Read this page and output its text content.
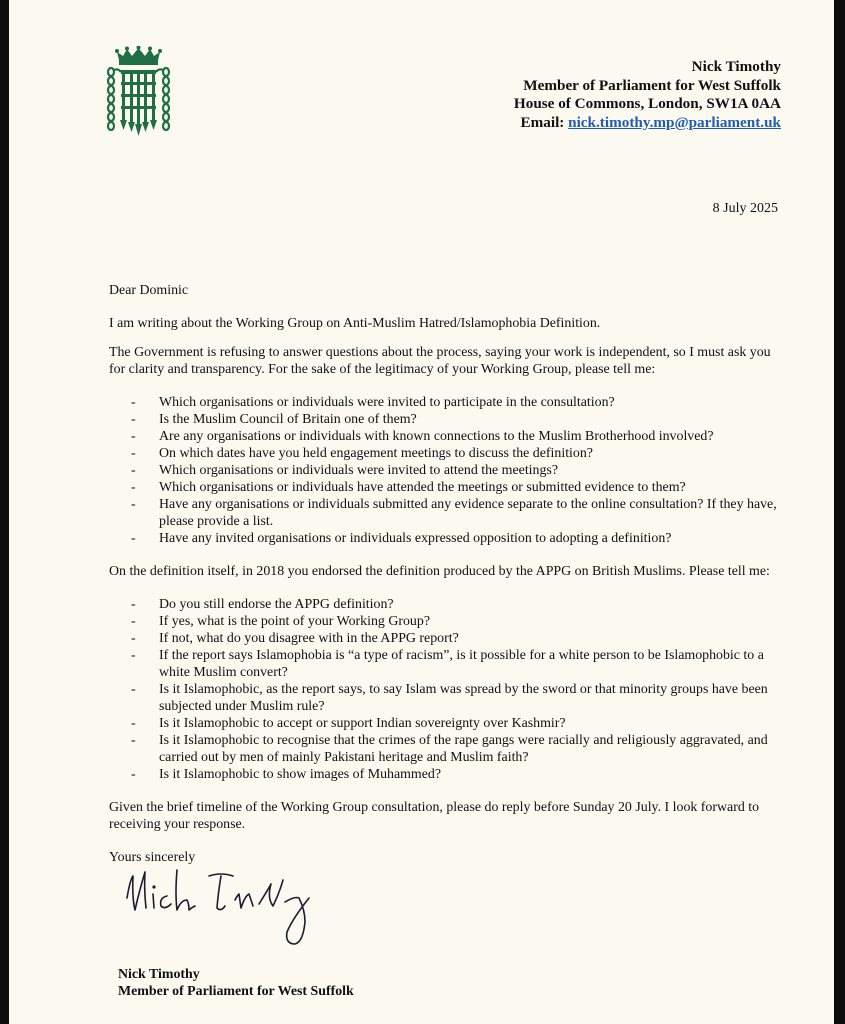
Nick Timothy
Member of Parliament for West Suffolk
House of Commons, London, SW1A 0AA
Email: nick.timothy.mp@parliament.uk
8 July 2025

Dear Dominic

I am writing about the Working Group on Anti-Muslim Hatred/Islamophobia Definition.

The Government is refusing to answer questions about the process, saying your work is independent, so I must ask you for clarity and transparency. For the sake of the legitimacy of your Working Group, please tell me:

- Which organisations or individuals were invited to participate in the consultation?
- Is the Muslim Council of Britain one of them?
- Are any organisations or individuals with known connections to the Muslim Brotherhood involved?
- On which dates have you held engagement meetings to discuss the definition?
- Which organisations or individuals were invited to attend the meetings?
- Which organisations or individuals have attended the meetings or submitted evidence to them?
- Have any organisations or individuals submitted any evidence separate to the online consultation? If they have, please provide a list.
- Have any invited organisations or individuals expressed opposition to adopting a definition?

On the definition itself, in 2018 you endorsed the definition produced by the APPG on British Muslims. Please tell me:

- Do you still endorse the APPG definition?
- If yes, what is the point of your Working Group?
- If not, what do you disagree with in the APPG report?
- If the report says Islamophobia is “a type of racism”, is it possible for a white person to be Islamophobic to a white Muslim convert?
- Is it Islamophobic, as the report says, to say Islam was spread by the sword or that minority groups have been subjected under Muslim rule?
- Is it Islamophobic to accept or support Indian sovereignty over Kashmir?
- Is it Islamophobic to recognise that the crimes of the rape gangs were racially and religiously aggravated, and carried out by men of mainly Pakistani heritage and Muslim faith?
- Is it Islamophobic to show images of Muhammed?

Given the brief timeline of the Working Group consultation, please do reply before Sunday 20 July. I look forward to receiving your response.

Yours sincerely

Nick Timothy
Member of Parliament for West Suffolk
